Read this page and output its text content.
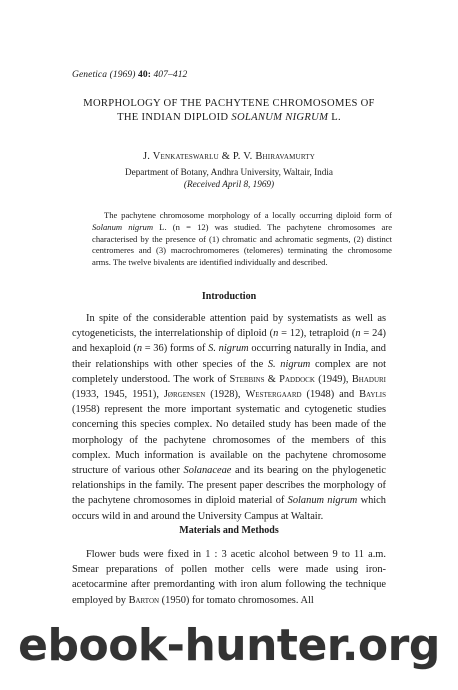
Genetica (1969) 40: 407–412
MORPHOLOGY OF THE PACHYTENE CHROMOSOMES OF
THE INDIAN DIPLOID SOLANUM NIGRUM L.
J. Venkateswarlu & P. V. Bhiravamurty
Department of Botany, Andhra University, Waltair, India
(Received April 8, 1969)
The pachytene chromosome morphology of a locally occurring diploid form of Solanum nigrum L. (n = 12) was studied. The pachytene chromosomes are characterised by the presence of (1) chromatic and achromatic segments, (2) distinct centromeres and (3) macrochromomeres (telomeres) terminating the chromosome arms. The twelve bivalents are identified individually and described.
Introduction
In spite of the considerable attention paid by systematists as well as cytogeneticists, the interrelationship of diploid (n = 12), tetraploid (n = 24) and hexaploid (n = 36) forms of S. nigrum occurring naturally in India, and their relationships with other species of the S. nigrum complex are not completely understood. The work of Stebbins & Paddock (1949), Bhaduri (1933, 1945, 1951), Jørgensen (1928), Westergaard (1948) and Baylis (1958) represent the more important systematic and cytogenetic studies concerning this species complex. No detailed study has been made of the morphology of the pachytene chromosomes of the members of this complex. Much information is available on the pachytene chromosome structure of various other Solanaceae and its bearing on the phylogenetic relationships in the family. The present paper describes the morphology of the pachytene chromosomes in diploid material of Solanum nigrum which occurs wild in and around the University Campus at Waltair.
Materials and Methods
Flower buds were fixed in 1 : 3 acetic alcohol between 9 to 11 a.m. Smear preparations of pollen mother cells were made using iron-acetocarmine after premordanting with iron alum following the technique employed by Barton (1950) for tomato chromosomes. All
ebook-hunter.org
